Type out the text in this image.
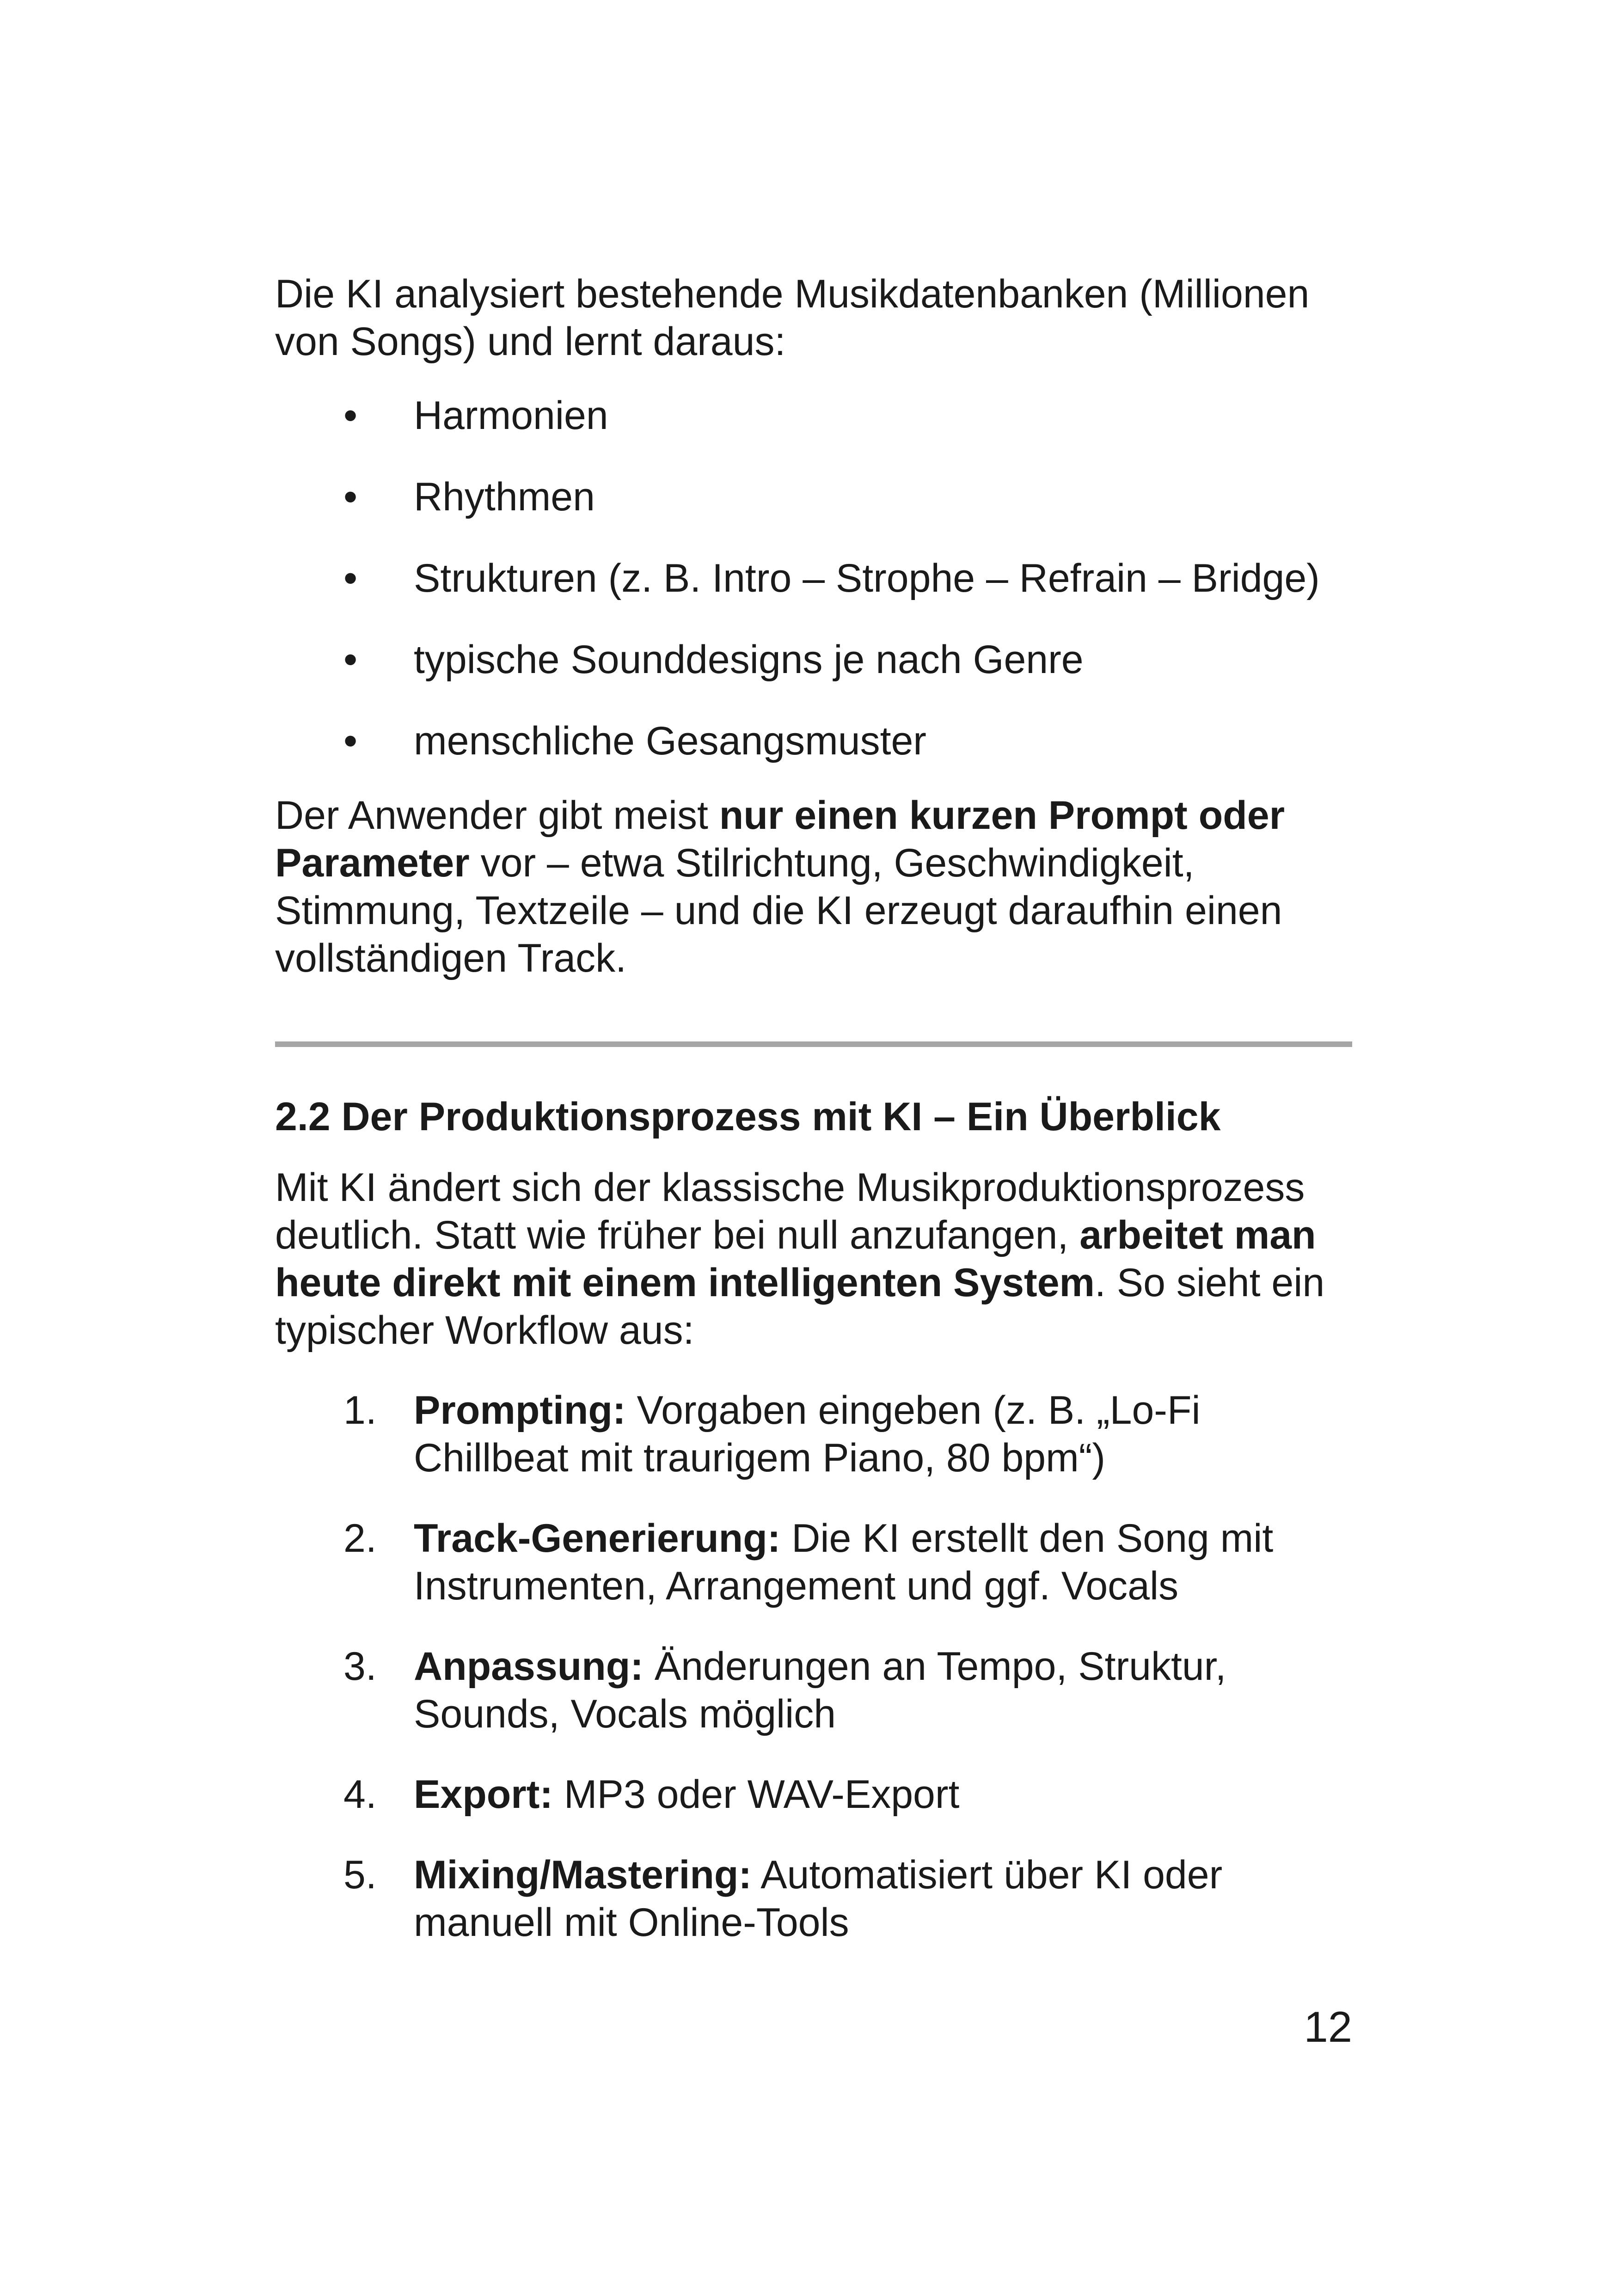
Die KI analysiert bestehende Musikdatenbanken (Millionen von Songs) und lernt daraus:

• Harmonien
• Rhythmen
• Strukturen (z. B. Intro – Strophe – Refrain – Bridge)
• typische Sounddesigns je nach Genre
• menschliche Gesangsmuster

Der Anwender gibt meist nur einen kurzen Prompt oder Parameter vor – etwa Stilrichtung, Geschwindigkeit, Stimmung, Textzeile – und die KI erzeugt daraufhin einen vollständigen Track.

2.2 Der Produktionsprozess mit KI – Ein Überblick

Mit KI ändert sich der klassische Musikproduktionsprozess deutlich. Statt wie früher bei null anzufangen, arbeitet man heute direkt mit einem intelligenten System. So sieht ein typischer Workflow aus:

1. Prompting: Vorgaben eingeben (z. B. „Lo-Fi Chillbeat mit traurigem Piano, 80 bpm“)
2. Track-Generierung: Die KI erstellt den Song mit Instrumenten, Arrangement und ggf. Vocals
3. Anpassung: Änderungen an Tempo, Struktur, Sounds, Vocals möglich
4. Export: MP3 oder WAV-Export
5. Mixing/Mastering: Automatisiert über KI oder manuell mit Online-Tools
12
